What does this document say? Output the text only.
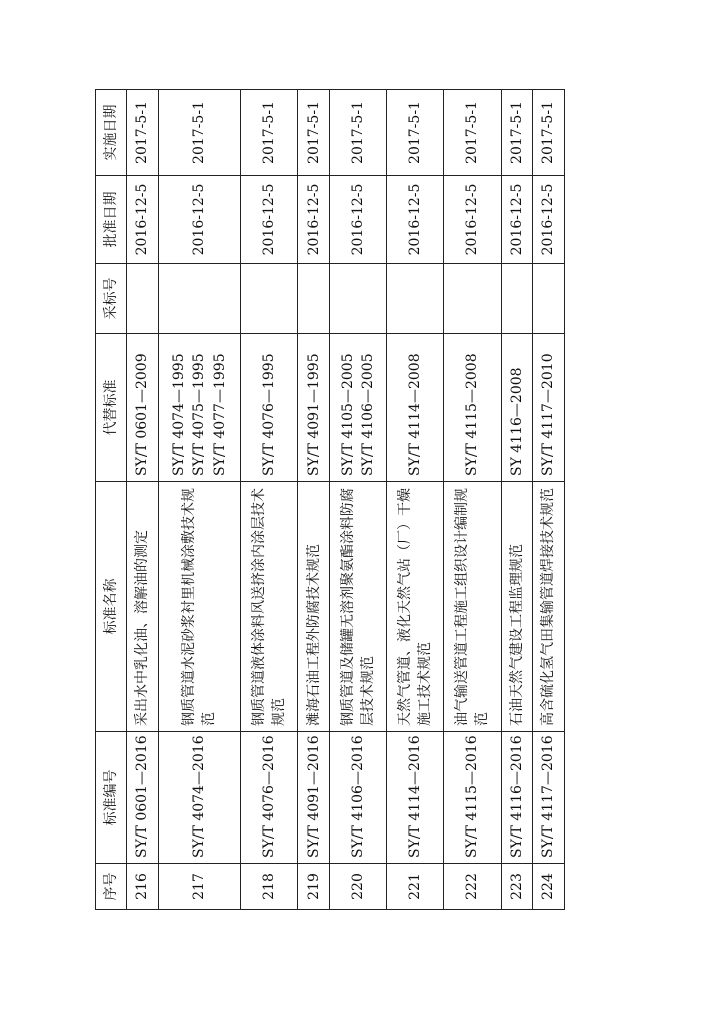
序号	标准编号	标准名称	代替标准	采标号	批准日期	实施日期
216	SY/T 0601—2016	采出水中乳化油、溶解油的测定	SY/T 0601—2009		2016-12-5	2017-5-1
217	SY/T 4074—2016	钢质管道水泥砂浆衬里机械涂敷技术规范	SY/T 4074—1995 SY/T 4075—1995 SY/T 4077—1995		2016-12-5	2017-5-1
218	SY/T 4076—2016	钢质管道液体涂料风送挤涂内涂层技术规范	SY/T 4076—1995		2016-12-5	2017-5-1
219	SY/T 4091—2016	滩海石油工程外防腐技术规范	SY/T 4091—1995		2016-12-5	2017-5-1
220	SY/T 4106—2016	钢质管道及储罐无溶剂聚氨酯涂料防腐层技术规范	SY/T 4105—2005 SY/T 4106—2005		2016-12-5	2017-5-1
221	SY/T 4114—2016	天然气管道、液化天然气站（厂）干燥施工技术规范	SY/T 4114—2008		2016-12-5	2017-5-1
222	SY/T 4115—2016	油气输送管道工程施工组织设计编制规范	SY/T 4115—2008		2016-12-5	2017-5-1
223	SY/T 4116—2016	石油天然气建设工程监理规范	SY 4116—2008		2016-12-5	2017-5-1
224	SY/T 4117—2016	高含硫化氢气田集输管道焊接技术规范	SY/T 4117—2010		2016-12-5	2017-5-1
